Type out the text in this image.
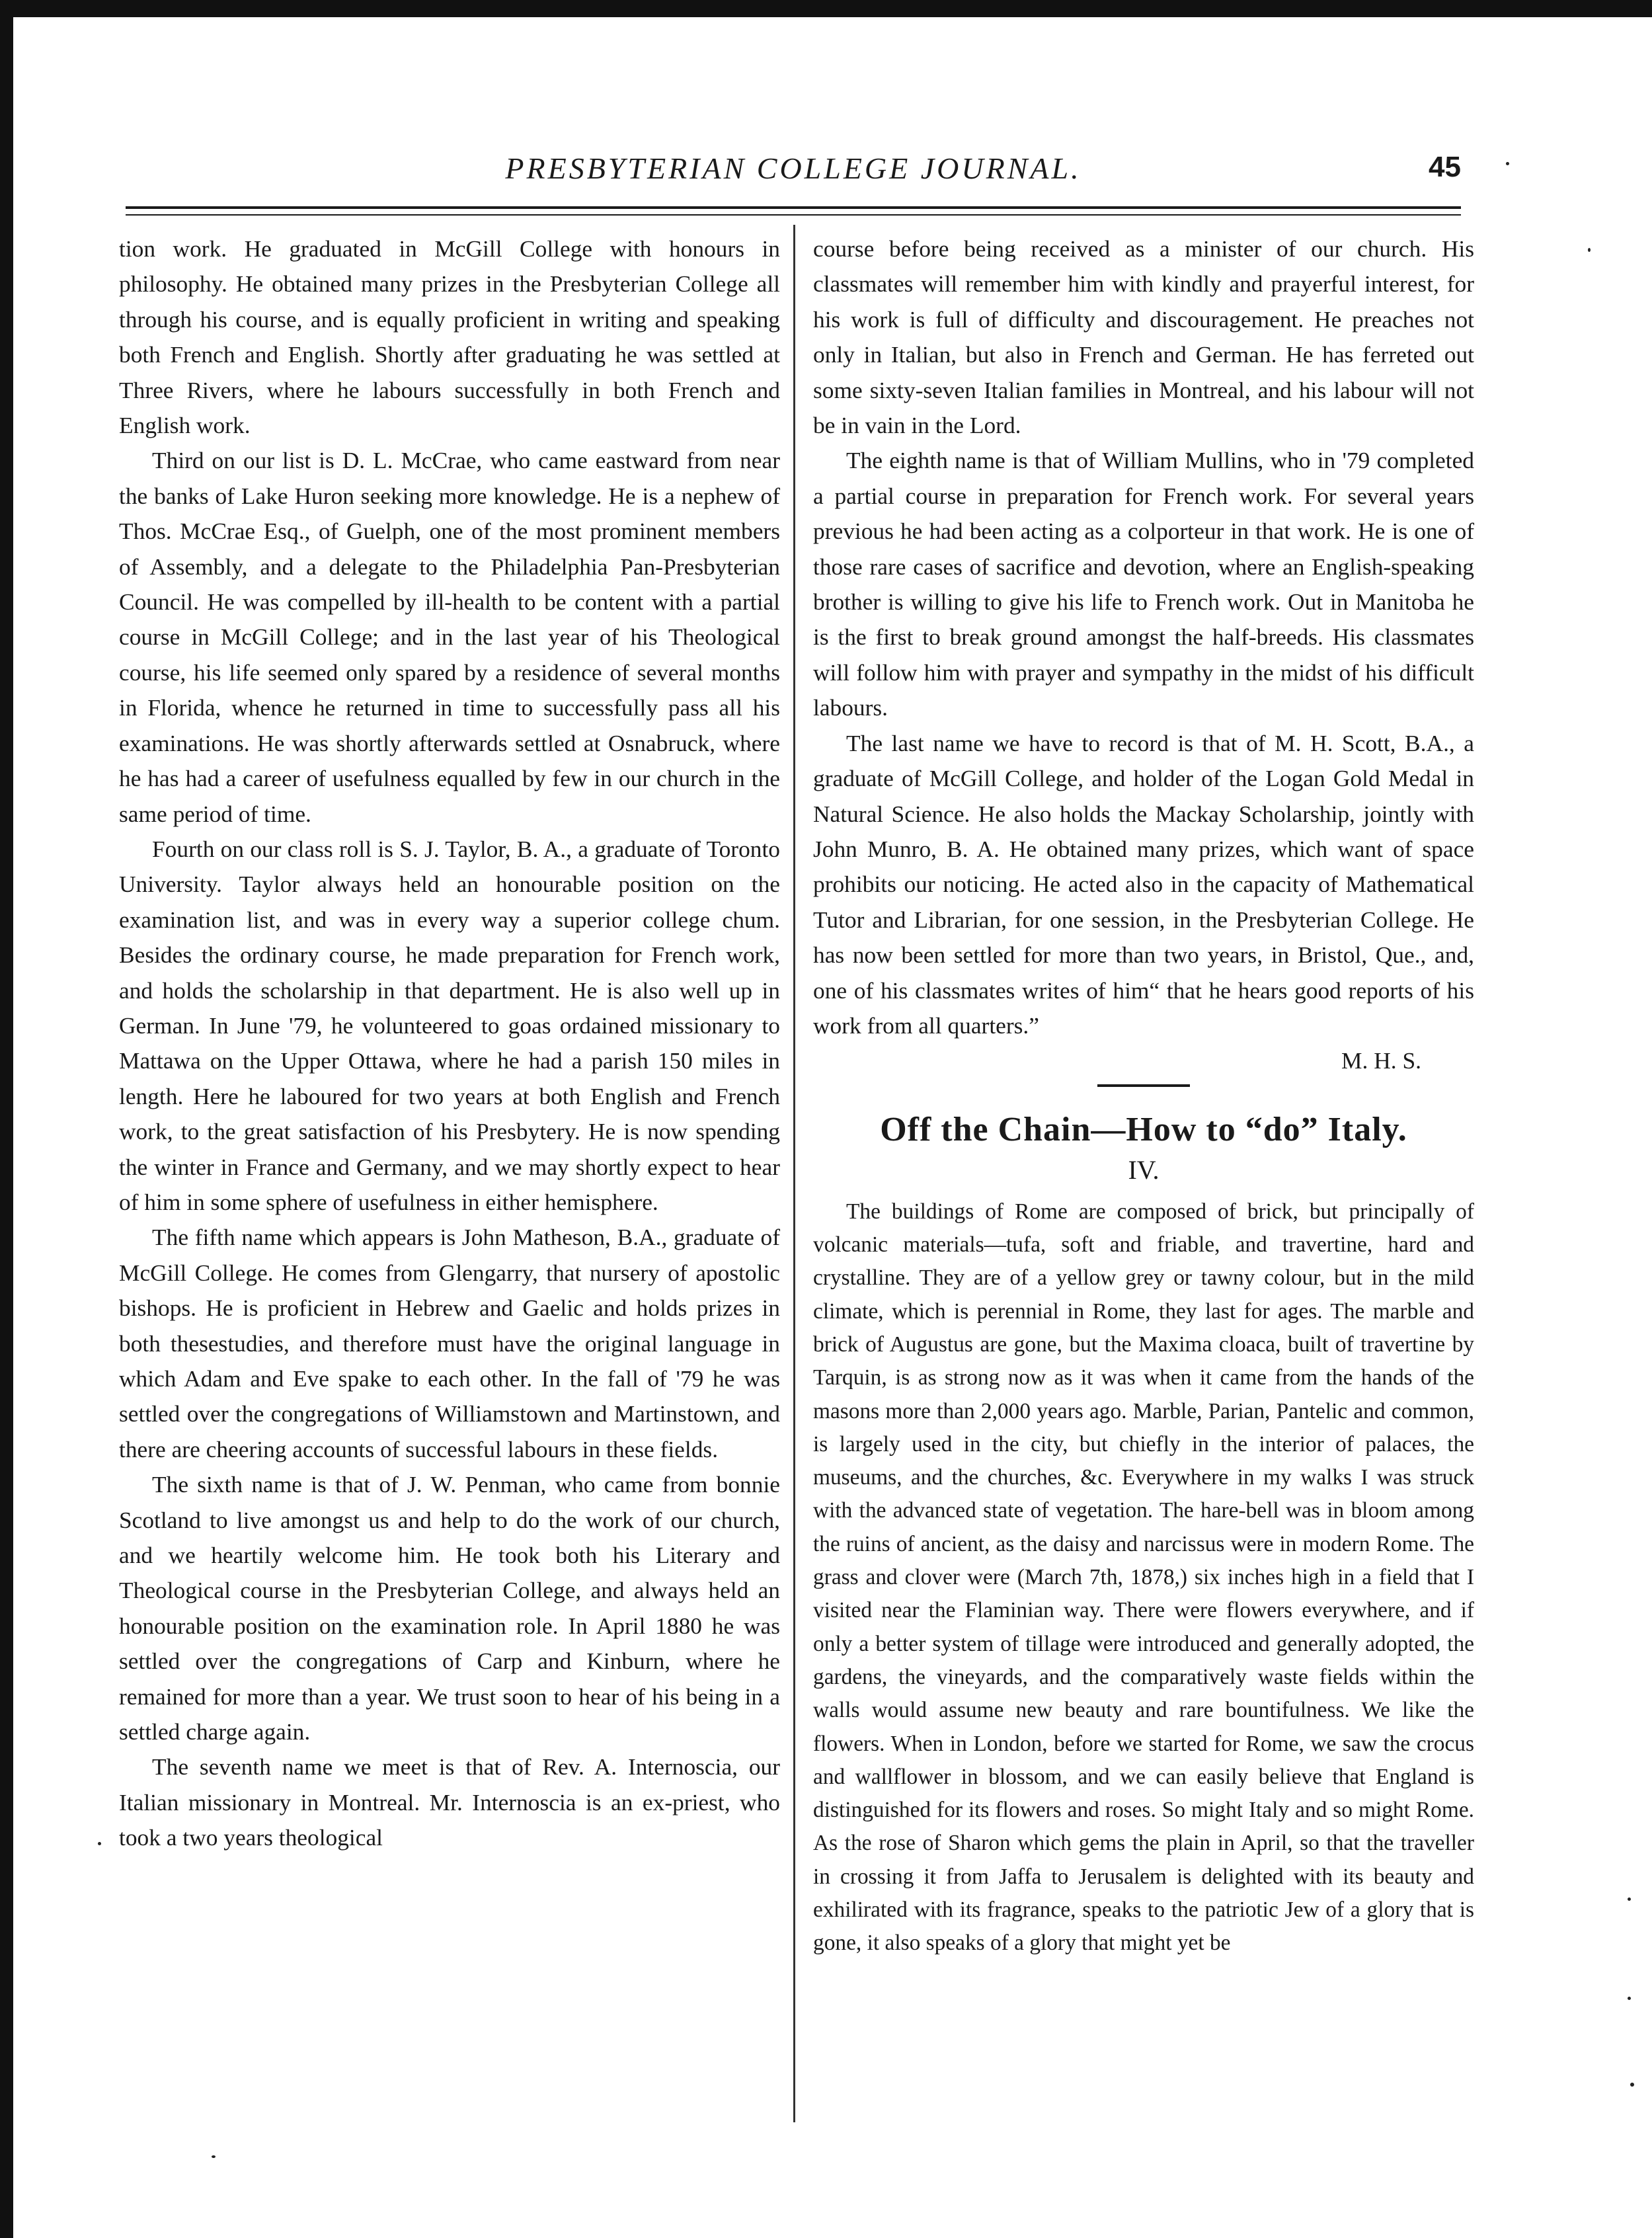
PRESBYTERIAN COLLEGE JOURNAL.	45

tion work. He graduated in McGill College with honours in philosophy. He obtained many prizes in the Presbyterian College all through his course, and is equally proficient in writing and speaking both French and English. Shortly after graduating he was settled at Three Rivers, where he labours successfully in both French and English work.

Third on our list is D. L. McCrae, who came eastward from near the banks of Lake Huron seeking more knowledge. He is a nephew of Thos. McCrae Esq., of Guelph, one of the most prominent members of Assembly, and a delegate to the Philadelphia Pan-Presbyterian Council. He was compelled by ill-health to be content with a partial course in McGill College; and in the last year of his Theological course, his life seemed only spared by a residence of several months in Florida, whence he returned in time to successfully pass all his examinations. He was shortly afterwards settled at Osnabruck, where he has had a career of usefulness equalled by few in our church in the same period of time.

Fourth on our class roll is S. J. Taylor, B. A., a graduate of Toronto University. Taylor always held an honourable position on the examination list, and was in every way a superior college chum. Besides the ordinary course, he made preparation for French work, and holds the scholarship in that department. He is also well up in German. In June '79, he volunteered to goas ordained missionary to Mattawa on the Upper Ottawa, where he had a parish 150 miles in length. Here he laboured for two years at both English and French work, to the great satisfaction of his Presbytery. He is now spending the winter in France and Germany, and we may shortly expect to hear of him in some sphere of usefulness in either hemisphere.

The fifth name which appears is John Matheson, B.A., graduate of McGill College. He comes from Glengarry, that nursery of apostolic bishops. He is proficient in Hebrew and Gaelic and holds prizes in both thesestudies, and therefore must have the original language in which Adam and Eve spake to each other. In the fall of '79 he was settled over the congregations of Williamstown and Martinstown, and there are cheering accounts of successful labours in these fields.

The sixth name is that of J. W. Penman, who came from bonnie Scotland to live amongst us and help to do the work of our church, and we heartily welcome him. He took both his Literary and Theological course in the Presbyterian College, and always held an honourable position on the examination role. In April 1880 he was settled over the congregations of Carp and Kinburn, where he remained for more than a year. We trust soon to hear of his being in a settled charge again.

The seventh name we meet is that of Rev. A. Internoscia, our Italian missionary in Montreal. Mr. Internoscia is an ex-priest, who took a two years theological

course before being received as a minister of our church. His classmates will remember him with kindly and prayerful interest, for his work is full of difficulty and discouragement. He preaches not only in Italian, but also in French and German. He has ferreted out some sixty-seven Italian families in Montreal, and his labour will not be in vain in the Lord.

The eighth name is that of William Mullins, who in '79 completed a partial course in preparation for French work. For several years previous he had been acting as a colporteur in that work. He is one of those rare cases of sacrifice and devotion, where an English-speaking brother is willing to give his life to French work. Out in Manitoba he is the first to break ground amongst the half-breeds. His classmates will follow him with prayer and sympathy in the midst of his difficult labours.

The last name we have to record is that of M. H. Scott, B.A., a graduate of McGill College, and holder of the Logan Gold Medal in Natural Science. He also holds the Mackay Scholarship, jointly with John Munro, B. A. He obtained many prizes, which want of space prohibits our noticing. He acted also in the capacity of Mathematical Tutor and Librarian, for one session, in the Presbyterian College. He has now been settled for more than two years, in Bristol, Que., and, one of his classmates writes of him“ that he hears good reports of his work from all quarters.”

M. H. S.
Off the Chain—How to “do” Italy.
IV.

The buildings of Rome are composed of brick, but principally of volcanic materials—tufa, soft and friable, and travertine, hard and crystalline. They are of a yellow grey or tawny colour, but in the mild climate, which is perennial in Rome, they last for ages. The marble and brick of Augustus are gone, but the Maxima cloaca, built of travertine by Tarquin, is as strong now as it was when it came from the hands of the masons more than 2,000 years ago. Marble, Parian, Pantelic and common, is largely used in the city, but chiefly in the interior of palaces, the museums, and the churches, &c. Everywhere in my walks I was struck with the advanced state of vegetation. The hare-bell was in bloom among the ruins of ancient, as the daisy and narcissus were in modern Rome. The grass and clover were (March 7th, 1878,) six inches high in a field that I visited near the Flaminian way. There were flowers everywhere, and if only a better system of tillage were introduced and generally adopted, the gardens, the vineyards, and the comparatively waste fields within the walls would assume new beauty and rare bountifulness. We like the flowers. When in London, before we started for Rome, we saw the crocus and wallflower in blossom, and we can easily believe that England is distinguished for its flowers and roses. So might Italy and so might Rome. As the rose of Sharon which gems the plain in April, so that the traveller in crossing it from Jaffa to Jerusalem is delighted with its beauty and exhilirated with its fragrance, speaks to the patriotic Jew of a glory that is gone, it also speaks of a glory that might yet be
